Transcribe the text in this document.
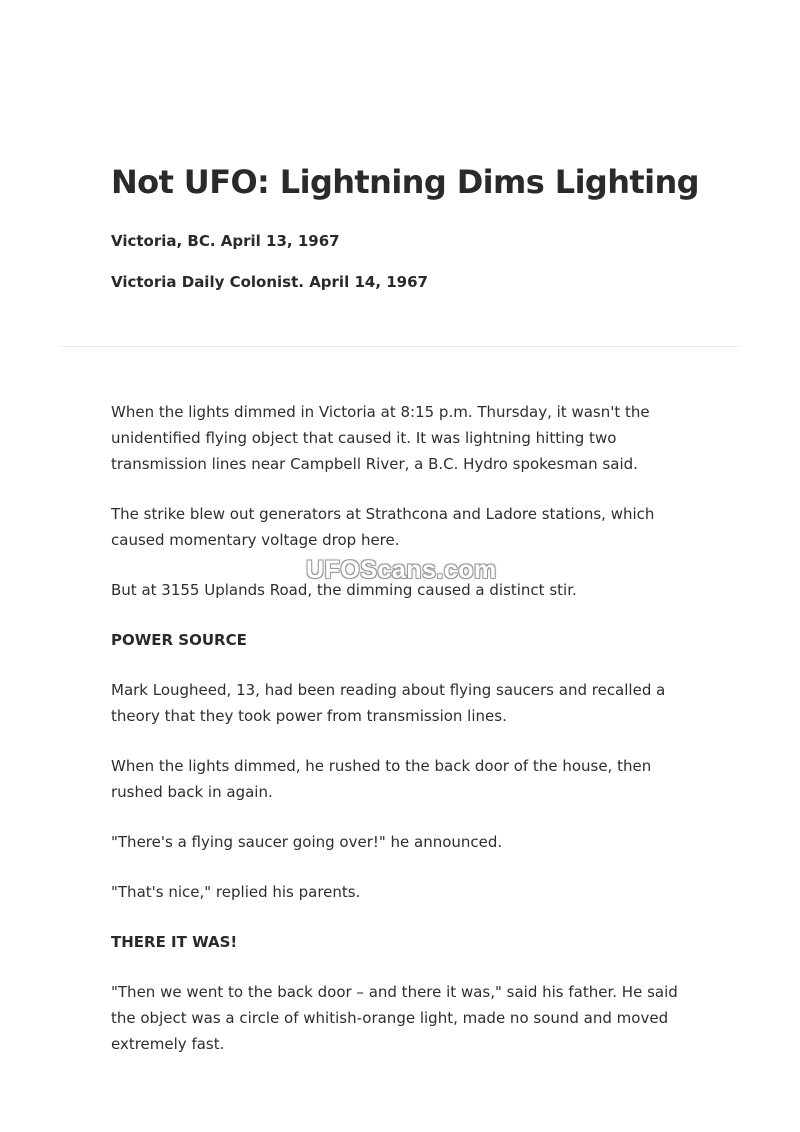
Not UFO: Lightning Dims Lighting

Victoria, BC. April 13, 1967

Victoria Daily Colonist. April 14, 1967

When the lights dimmed in Victoria at 8:15 p.m. Thursday, it wasn't the unidentified flying object that caused it. It was lightning hitting two transmission lines near Campbell River, a B.C. Hydro spokesman said.

The strike blew out generators at Strathcona and Ladore stations, which caused momentary voltage drop here.

But at 3155 Uplands Road, the dimming caused a distinct stir.

POWER SOURCE

Mark Lougheed, 13, had been reading about flying saucers and recalled a theory that they took power from transmission lines.

When the lights dimmed, he rushed to the back door of the house, then rushed back in again.

"There's a flying saucer going over!" he announced.

"That's nice," replied his parents.

THERE IT WAS!

"Then we went to the back door – and there it was," said his father. He said the object was a circle of whitish-orange light, made no sound and moved extremely fast.

UFOScans.com
